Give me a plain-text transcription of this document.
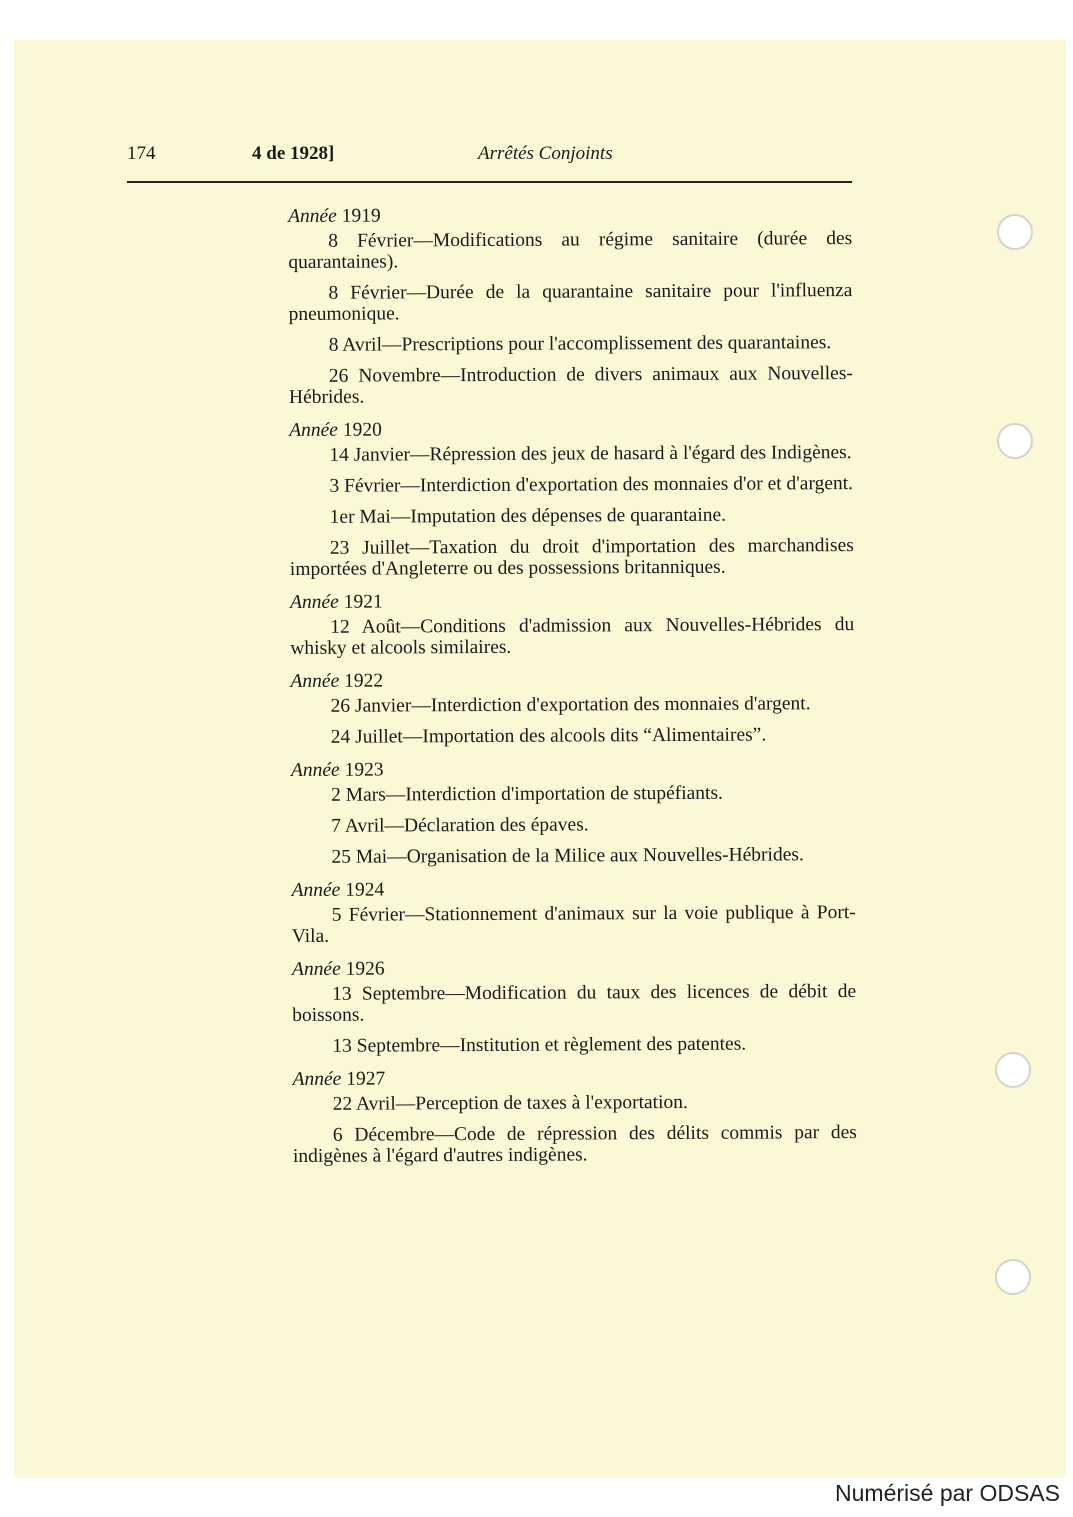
174	4 de 1928]	Arrêtés Conjoints
Année 1919

8 Février—Modifications au régime sanitaire (durée des quarantaines).

8 Février—Durée de la quarantaine sanitaire pour l'influenza pneumonique.

8 Avril—Prescriptions pour l'accomplissement des quarantaines.

26 Novembre—Introduction de divers animaux aux Nouvelles-Hébrides.

Année 1920

14 Janvier—Répression des jeux de hasard à l'égard des Indigènes.

3 Février—Interdiction d'exportation des monnaies d'or et d'argent.

1er Mai—Imputation des dépenses de quarantaine.

23 Juillet—Taxation du droit d'importation des marchandises importées d'Angleterre ou des possessions britanniques.

Année 1921

12 Août—Conditions d'admission aux Nouvelles-Hébrides du whisky et alcools similaires.

Année 1922

26 Janvier—Interdiction d'exportation des monnaies d'argent.

24 Juillet—Importation des alcools dits “Alimentaires”.

Année 1923

2 Mars—Interdiction d'importation de stupéfiants.

7 Avril—Déclaration des épaves.

25 Mai—Organisation de la Milice aux Nouvelles-Hébrides.

Année 1924

5 Février—Stationnement d'animaux sur la voie publique à Port-Vila.

Année 1926

13 Septembre—Modification du taux des licences de débit de boissons.

13 Septembre—Institution et règlement des patentes.

Année 1927

22 Avril—Perception de taxes à l'exportation.

6 Décembre—Code de répression des délits commis par des indigènes à l'égard d'autres indigènes.

Numérisé par ODSAS
